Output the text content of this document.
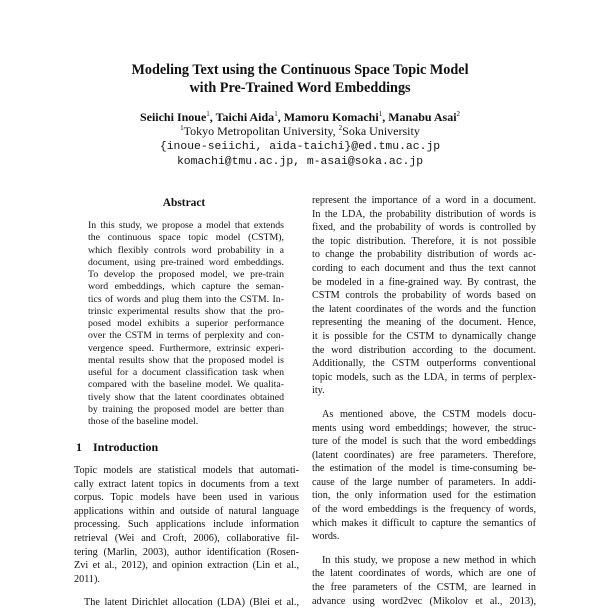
Modeling Text using the Continuous Space Topic Model
with Pre-Trained Word Embeddings
Seiichi Inoue$^1$, Taichi Aida$^1$, Mamoru Komachi$^1$, Manabu Asai$^2$
$^1$Tokyo Metropolitan University, $^2$Soka University
{inoue-seiichi, aida-taichi}@ed.tmu.ac.jp
komachi@tmu.ac.jp, m-asai@soka.ac.jp
Abstract
In this study, we propose a model that extends
the continuous space topic model (CSTM),
which flexibly controls word probability in a
document, using pre-trained word embeddings.
To develop the proposed model, we pre-train
word embeddings, which capture the seman-
tics of words and plug them into the CSTM. In-
trinsic experimental results show that the pro-
posed model exhibits a superior performance
over the CSTM in terms of perplexity and con-
vergence speed. Furthermore, extrinsic experi-
mental results show that the proposed model is
useful for a document classification task when
compared with the baseline model. We qualita-
tively show that the latent coordinates obtained
by training the proposed model are better than
those of the baseline model.
1 Introduction
Topic models are statistical models that automati-
cally extract latent topics in documents from a text
corpus. Topic models have been used in various
applications within and outside of natural language
processing. Such applications include information
retrieval (Wei and Croft, 2006), collaborative fil-
tering (Marlin, 2003), author identification (Rosen-
Zvi et al., 2012), and opinion extraction (Lin et al.,
2011).
The latent Dirichlet allocation (LDA) (Blei et al.,
represent the importance of a word in a document.
In the LDA, the probability distribution of words is
fixed, and the probability of words is controlled by
the topic distribution. Therefore, it is not possible
to change the probability distribution of words ac-
cording to each document and thus the text cannot
be modeled in a fine-grained way. By contrast, the
CSTM controls the probability of words based on
the latent coordinates of the words and the function
representing the meaning of the document. Hence,
it is possible for the CSTM to dynamically change
the word distribution according to the document.
Additionally, the CSTM outperforms conventional
topic models, such as the LDA, in terms of perplex-
ity.
As mentioned above, the CSTM models docu-
ments using word embeddings; however, the struc-
ture of the model is such that the word embeddings
(latent coordinates) are free parameters. Therefore,
the estimation of the model is time-consuming be-
cause of the large number of parameters. In addi-
tion, the only information used for the estimation
of the word embeddings is the frequency of words,
which makes it difficult to capture the semantics of
words.
In this study, we propose a new method in which
the latent coordinates of words, which are one of
the free parameters of the CSTM, are learned in
advance using word2vec (Mikolov et al., 2013),
